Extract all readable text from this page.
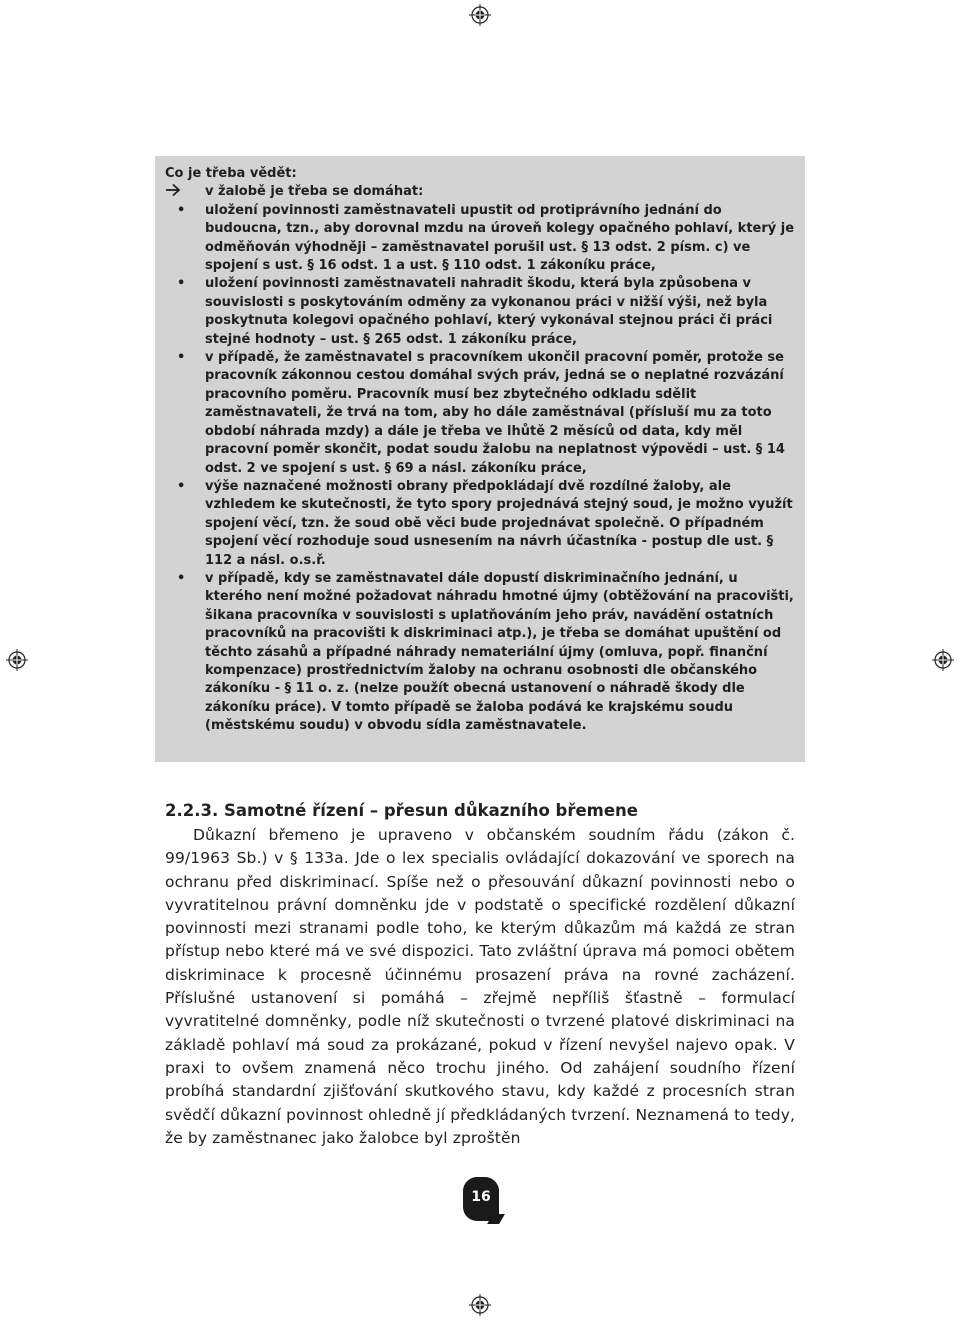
Co je třeba vědět:

v žalobě je třeba se domáhat:
• uložení povinnosti zaměstnavateli upustit od protiprávního jednání do budoucna, tzn., aby dorovnal mzdu na úroveň kolegy opačného pohlaví, který je odměňován výhodněji – zaměstnavatel porušil ust. § 13 odst. 2 písm. c) ve spojení s ust. § 16 odst. 1 a ust. § 110 odst. 1 zákoníku práce,
• uložení povinnosti zaměstnavateli nahradit škodu, která byla způsobena v souvislosti s poskytováním odměny za vykonanou práci v nižší výši, než byla poskytnuta kolegovi opačného pohlaví, který vykonával stejnou práci či práci stejné hodnoty – ust. § 265 odst. 1 zákoníku práce,
• v případě, že zaměstnavatel s pracovníkem ukončil pracovní poměr, protože se pracovník zákonnou cestou domáhal svých práv, jedná se o neplatné rozvázání pracovního poměru. Pracovník musí bez zbytečného odkladu sdělit zaměstnavateli, že trvá na tom, aby ho dále zaměstnával (přísluší mu za toto období náhrada mzdy) a dále je třeba ve lhůtě 2 měsíců od data, kdy měl pracovní poměr skončit, podat soudu žalobu na neplatnost výpovědi – ust. § 14 odst. 2 ve spojení s ust. § 69 a násl. zákoníku práce,
• výše naznačené možnosti obrany předpokládají dvě rozdílné žaloby, ale vzhledem ke skutečnosti, že tyto spory projednává stejný soud, je možno využít spojení věcí, tzn. že soud obě věci bude projednávat společně. O případném spojení věcí rozhoduje soud usnesením na návrh účastníka - postup dle ust. § 112 a násl. o.s.ř.
• v případě, kdy se zaměstnavatel dále dopustí diskriminačního jednání, u kterého není možné požadovat náhradu hmotné újmy (obtěžování na pracovišti, šikana pracovníka v souvislosti s uplatňováním jeho práv, navádění ostatních pracovníků na pracovišti k diskriminaci atp.), je třeba se domáhat upuštění od těchto zásahů a případné náhrady nemateriální újmy (omluva, popř. finanční kompenzace) prostřednictvím žaloby na ochranu osobnosti dle občanského zákoníku - § 11 o. z. (nelze použít obecná ustanovení o náhradě škody dle zákoníku práce). V tomto případě se žaloba podává ke krajskému soudu (městskému soudu) v obvodu sídla zaměstnavatele.
2.2.3. Samotné řízení – přesun důkazního břemene

Důkazní břemeno je upraveno v občanském soudním řádu (zákon č. 99/1963 Sb.) v § 133a. Jde o lex specialis ovládající dokazování ve sporech na ochranu před diskriminací. Spíše než o přesouvání důkazní povinnosti nebo o vyvratitelnou právní domněnku jde v podstatě o specifické rozdělení důkazní povinnosti mezi stranami podle toho, ke kterým důkazům má každá ze stran přístup nebo které má ve své dispozici. Tato zvláštní úprava má pomoci obětem diskriminace k procesně účinnému prosazení práva na rovné zacházení. Příslušné ustanovení si pomáhá – zřejmě nepříliš šťastně – formulací vyvratitelné domněnky, podle níž skutečnosti o tvrzené platové diskriminaci na základě pohlaví má soud za prokázané, pokud v řízení nevyšel najevo opak. V praxi to ovšem znamená něco trochu jiného. Od zahájení soudního řízení probíhá standardní zjišťování skutkového stavu, kdy každé z procesních stran svědčí důkazní povinnost ohledně jí předkládaných tvrzení. Neznamená to tedy, že by zaměstnanec jako žalobce byl zproštěn

16
